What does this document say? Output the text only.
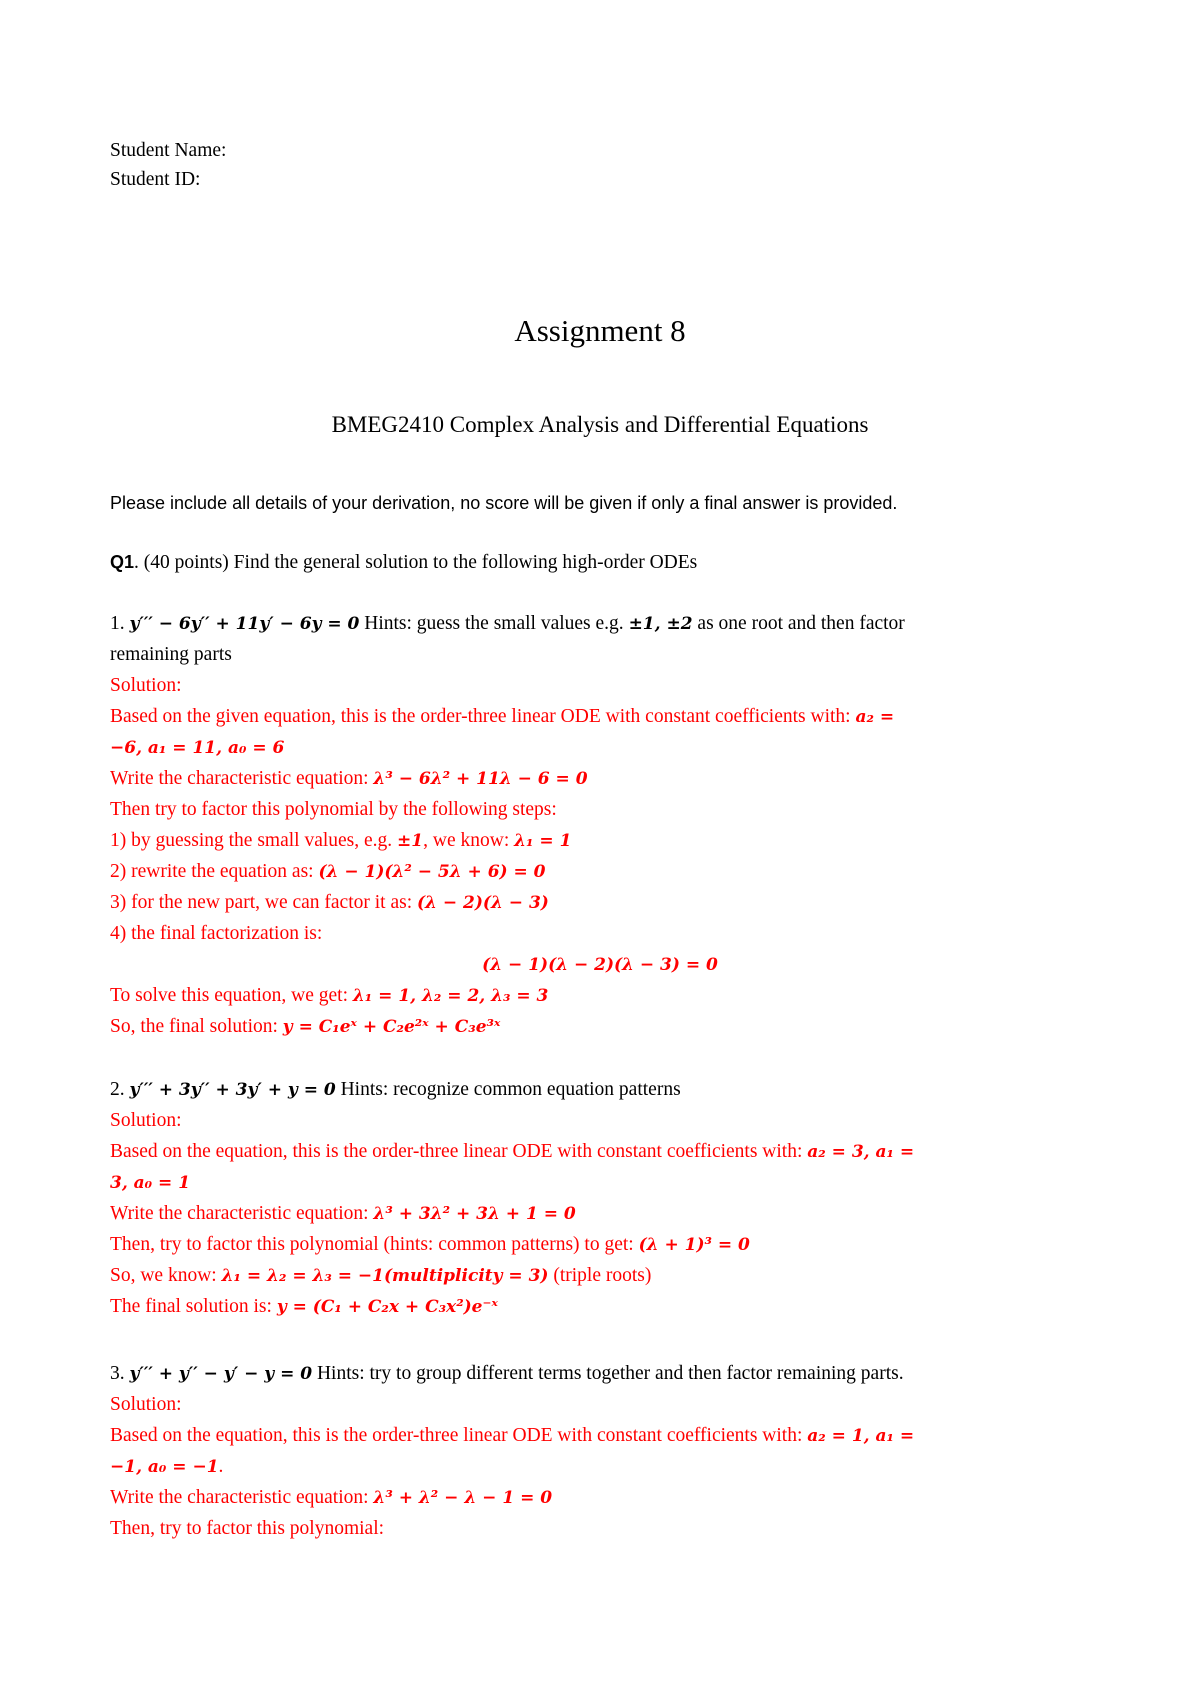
Student Name:
Student ID:
Assignment 8
BMEG2410 Complex Analysis and Differential Equations
Please include all details of your derivation, no score will be given if only a final answer is provided.
Q1. (40 points) Find the general solution to the following high-order ODEs
1. y′′′ − 6y′′ + 11y′ − 6y = 0 Hints: guess the small values e.g. ±1, ±2 as one root and then factor
remaining parts
Solution:
Based on the given equation, this is the order-three linear ODE with constant coefficients with: a₂ =
−6, a₁ = 11, a₀ = 6
Write the characteristic equation: λ³ − 6λ² + 11λ − 6 = 0
Then try to factor this polynomial by the following steps:
1) by guessing the small values, e.g. ±1, we know: λ₁ = 1
2) rewrite the equation as: (λ − 1)(λ² − 5λ + 6) = 0
3) for the new part, we can factor it as: (λ − 2)(λ − 3)
4) the final factorization is:
(λ − 1)(λ − 2)(λ − 3) = 0
To solve this equation, we get: λ₁ = 1, λ₂ = 2, λ₃ = 3
So, the final solution: y = C₁eˣ + C₂e²ˣ + C₃e³ˣ
2. y′′′ + 3y′′ + 3y′ + y = 0 Hints: recognize common equation patterns
Solution:
Based on the equation, this is the order-three linear ODE with constant coefficients with: a₂ = 3, a₁ =
3, a₀ = 1
Write the characteristic equation: λ³ + 3λ² + 3λ + 1 = 0
Then, try to factor this polynomial (hints: common patterns) to get: (λ + 1)³ = 0
So, we know: λ₁ = λ₂ = λ₃ = −1(multiplicity = 3) (triple roots)
The final solution is: y = (C₁ + C₂x + C₃x²)e⁻ˣ
3. y′′′ + y′′ − y′ − y = 0 Hints: try to group different terms together and then factor remaining parts.
Solution:
Based on the equation, this is the order-three linear ODE with constant coefficients with: a₂ = 1, a₁ =
−1, a₀ = −1.
Write the characteristic equation: λ³ + λ² − λ − 1 = 0
Then, try to factor this polynomial:
